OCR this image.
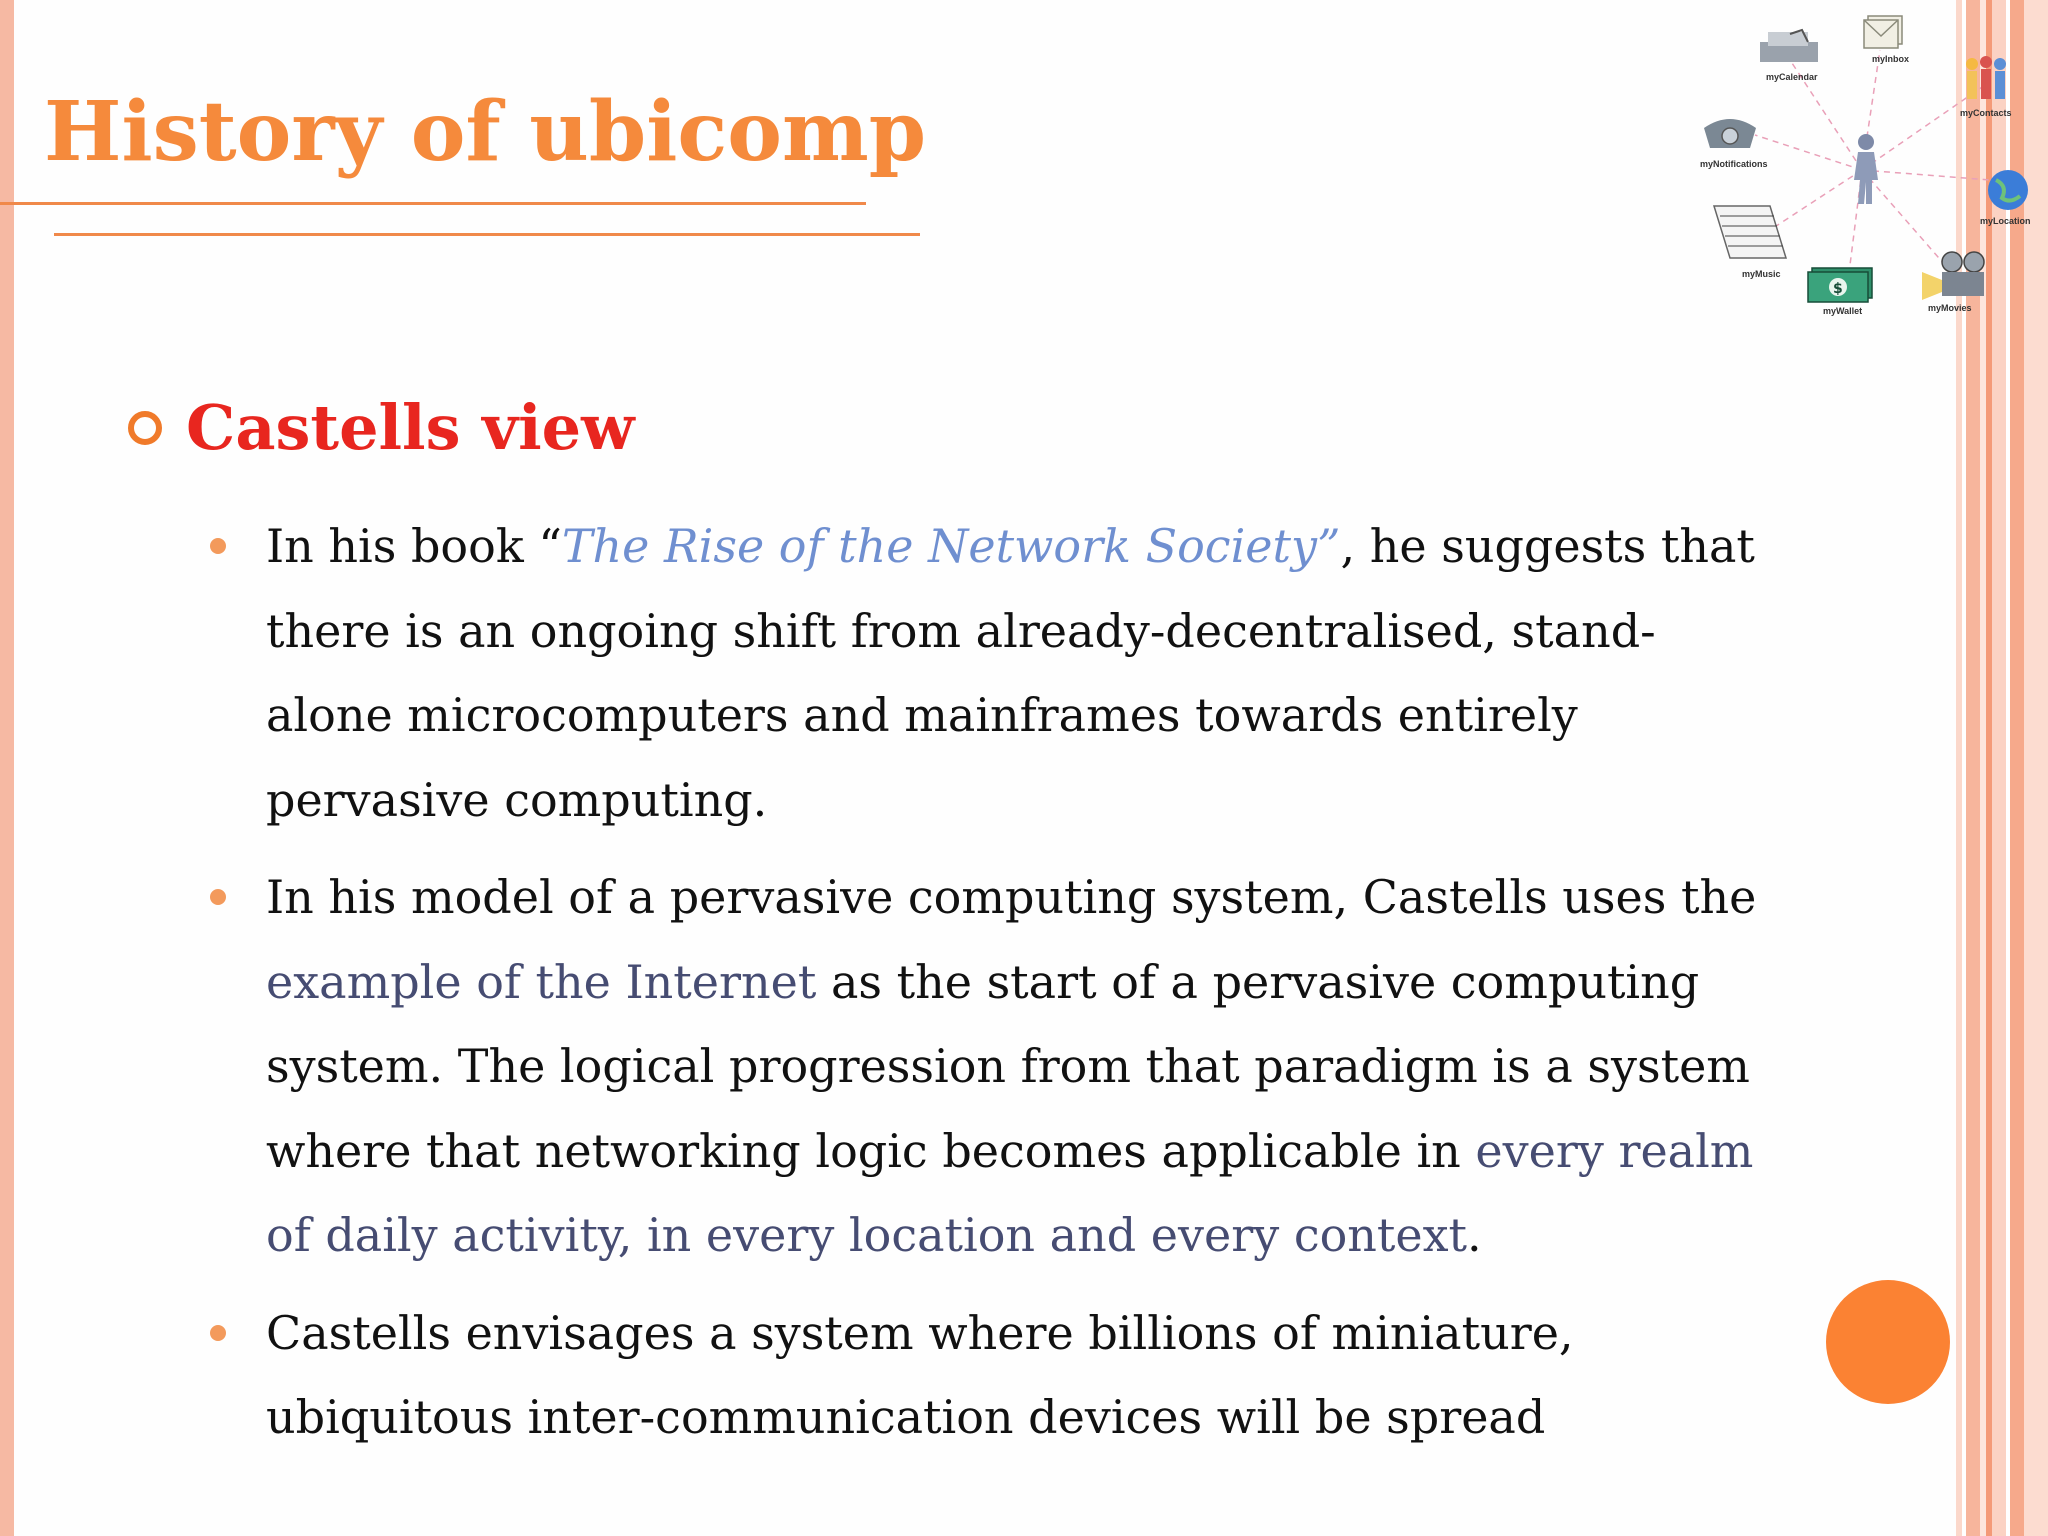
History of ubicomp
$
myCalendar
myInbox
myContacts
myNotifications
myLocation
myMusic
myWallet	myMovies
Castells view
In his book “The Rise of the Network Society”, he suggests that there is an ongoing shift from already-decentralised, stand-alone microcomputers and mainframes towards entirely pervasive computing.
In his model of a pervasive computing system, Castells uses the example of the Internet as the start of a pervasive computing system. The logical progression from that paradigm is a system where that networking logic becomes applicable in every realm of daily activity, in every location and every context.
Castells envisages a system where billions of miniature, ubiquitous inter-communication devices will be spread
